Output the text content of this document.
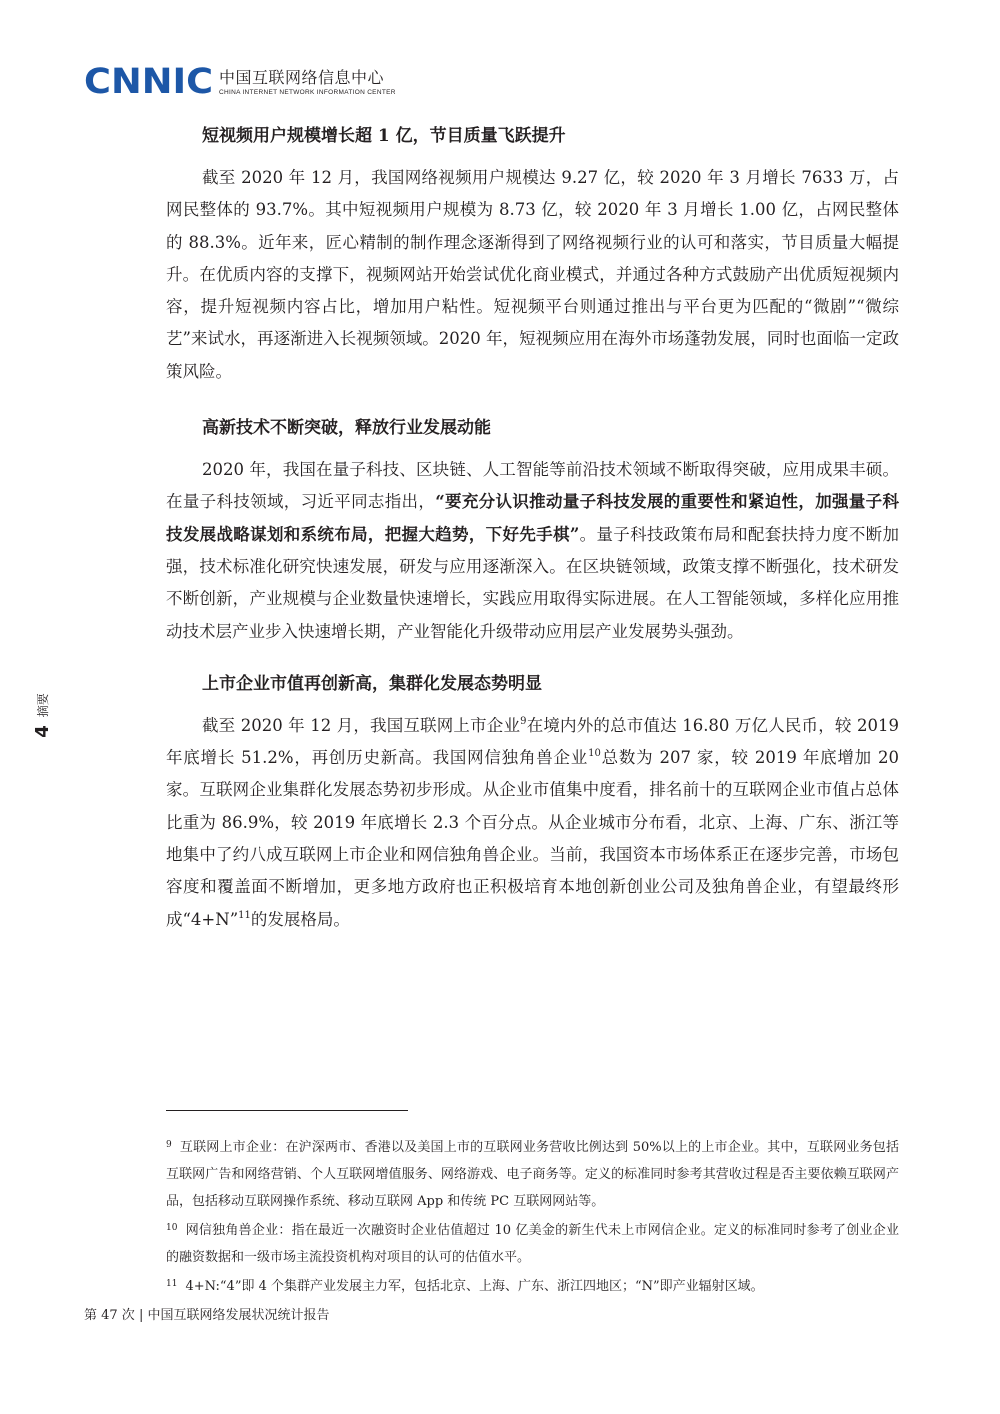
CNNIC 中国互联网络信息中心
CHINA INTERNET NETWORK INFORMATION CENTER
4
摘要
短视频用户规模增长超 1 亿，节目质量飞跃提升

截至 2020 年 12 月，我国网络视频用户规模达 9.27 亿，较 2020 年 3 月增长 7633 万，占网民整体的 93.7%。其中短视频用户规模为 8.73 亿，较 2020 年 3 月增长 1.00 亿，占网民整体的 88.3%。近年来，匠心精制的制作理念逐渐得到了网络视频行业的认可和落实，节目质量大幅提升。在优质内容的支撑下，视频网站开始尝试优化商业模式，并通过各种方式鼓励产出优质短视频内容，提升短视频内容占比，增加用户粘性。短视频平台则通过推出与平台更为匹配的“微剧”“微综艺”来试水，再逐渐进入长视频领域。2020 年，短视频应用在海外市场蓬勃发展，同时也面临一定政策风险。

高新技术不断突破，释放行业发展动能

2020 年，我国在量子科技、区块链、人工智能等前沿技术领域不断取得突破，应用成果丰硕。在量子科技领域，习近平同志指出，“要充分认识推动量子科技发展的重要性和紧迫性，加强量子科技发展战略谋划和系统布局，把握大趋势，下好先手棋”。量子科技政策布局和配套扶持力度不断加强，技术标准化研究快速发展，研发与应用逐渐深入。在区块链领域，政策支撑不断强化，技术研发不断创新，产业规模与企业数量快速增长，实践应用取得实际进展。在人工智能领域，多样化应用推动技术层产业步入快速增长期，产业智能化升级带动应用层产业发展势头强劲。

上市企业市值再创新高，集群化发展态势明显

截至 2020 年 12 月，我国互联网上市企业$^9$在境内外的总市值达 16.80 万亿人民币，较 2019 年底增长 51.2%，再创历史新高。我国网信独角兽企业$^{10}$总数为 207 家，较 2019 年底增加 20 家。互联网企业集群化发展态势初步形成。从企业市值集中度看，排名前十的互联网企业市值占总体比重为 86.9%，较 2019 年底增长 2.3 个百分点。从企业城市分布看，北京、上海、广东、浙江等地集中了约八成互联网上市企业和网信独角兽企业。当前，我国资本市场体系正在逐步完善，市场包容度和覆盖面不断增加，更多地方政府也正积极培育本地创新创业公司及独角兽企业，有望最终形成“4+N”$^{11}$的发展格局。

$^9$ 互联网上市企业：在沪深两市、香港以及美国上市的互联网业务营收比例达到 50%以上的上市企业。其中，互联网业务包括互联网广告和网络营销、个人互联网增值服务、网络游戏、电子商务等。定义的标准同时参考其营收过程是否主要依赖互联网产品，包括移动互联网操作系统、移动互联网 App 和传统 PC 互联网网站等。

$^{10}$ 网信独角兽企业：指在最近一次融资时企业估值超过 10 亿美金的新生代未上市网信企业。定义的标准同时参考了创业企业的融资数据和一级市场主流投资机构对项目的认可的估值水平。

$^{11}$ 4+N:“4”即 4 个集群产业发展主力军，包括北京、上海、广东、浙江四地区；“N”即产业辐射区域。

第 47 次 | 中国互联网络发展状况统计报告
